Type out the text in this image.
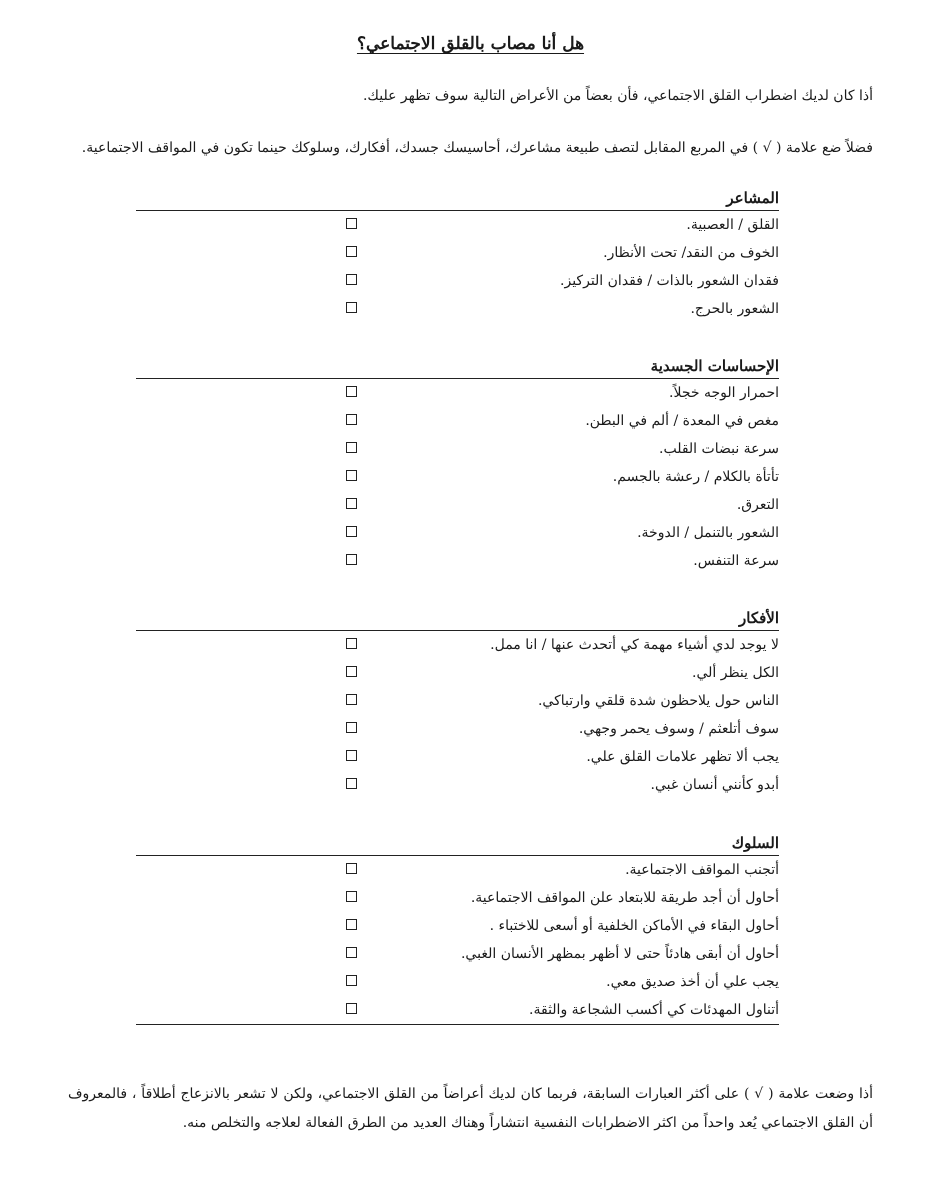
هل أنا مصاب بالقلق الاجتماعي؟
أذا كان لديك اضطراب القلق الاجتماعي، فأن بعضاً من الأعراض التالية سوف تظهر عليك.
فضلاً ضع علامة ( √ ) في المربع المقابل لتصف طبيعة مشاعرك، أحاسيسك جسدك، أفكارك، وسلوكك حينما تكون في المواقف الاجتماعية.
المشاعر
القلق / العصبية.
الخوف من النقد/ تحت الأنظار.
فقدان الشعور بالذات / فقدان التركيز.
الشعور بالحرج.
الإحساسات الجسدية
احمرار الوجه خجلاً.
مغص في المعدة / ألم في البطن.
سرعة نبضات القلب.
تأتأة بالكلام / رعشة بالجسم.
التعرق.
الشعور بالتنمل / الدوخة.
سرعة التنفس.
الأفكار
لا يوجد لدي أشياء مهمة كي أتحدث عنها / انا ممل.
الكل ينظر ألي.
الناس حول يلاحظون شدة قلقي وارتباكي.
سوف أتلعثم / وسوف يحمر وجهي.
يجب ألا تظهر علامات القلق علي.
أبدو كأنني أنسان غبي.
السلوك
أتجنب المواقف الاجتماعية.
أحاول أن أجد طريقة للابتعاد علن المواقف الاجتماعية.
أحاول البقاء في الأماكن الخلفية أو أسعى للاختباء .
أحاول أن أبقى هادئاً حتى لا أظهر بمظهر الأنسان الغبي.
يجب علي أن أخذ صديق معي.
أتناول المهدئات كي أكسب الشجاعة والثقة.
أذا وضعت علامة ( √ ) على أكثر العبارات السابقة، فربما كان لديك أعراضاً من القلق الاجتماعي، ولكن لا تشعر بالانزعاج أطلاقاً ، فالمعروف أن القلق الاجتماعي يُعد واحداً من اكثر الاضطرابات النفسية انتشاراً وهناك العديد من الطرق الفعالة لعلاجه والتخلص منه.
